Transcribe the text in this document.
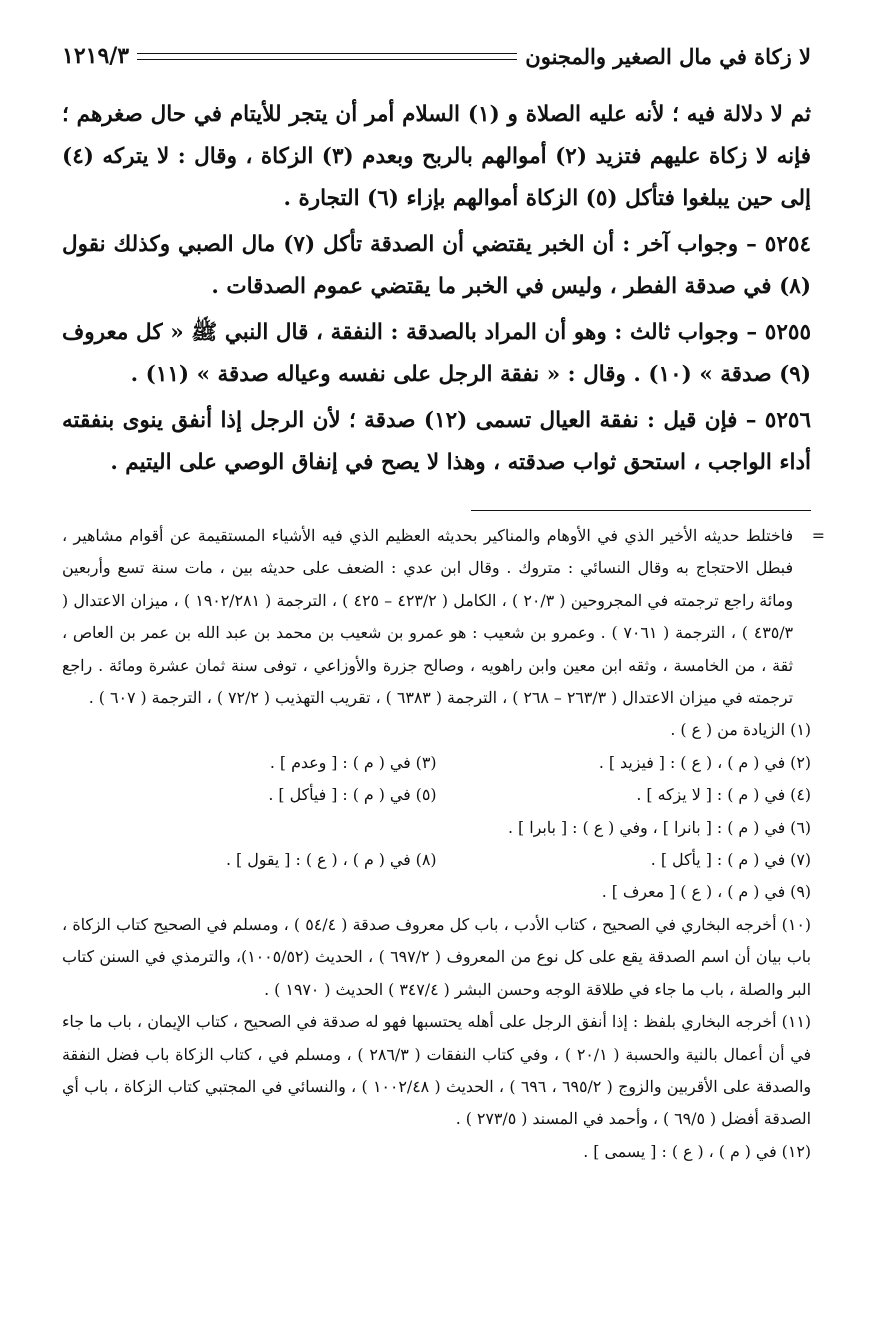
لا زكاة في مال الصغير والمجنون
١٢١٩/٣

ثم لا دلالة فيه ؛ لأنه عليه الصلاة و (١) السلام أمر أن يتجر للأيتام في حال صغرهم ؛ فإنه لا زكاة عليهم فتزيد (٢) أموالهم بالربح وبعدم (٣) الزكاة ، وقال : لا يتركه (٤) إلى حين يبلغوا فتأكل (٥) الزكاة أموالهم بإزاء (٦) التجارة .

٥٢٥٤ – وجواب آخر : أن الخبر يقتضي أن الصدقة تأكل (٧) مال الصبي وكذلك نقول (٨) في صدقة الفطر ، وليس في الخبر ما يقتضي عموم الصدقات .

٥٢٥٥ – وجواب ثالث : وهو أن المراد بالصدقة : النفقة ، قال النبي ﷺ « كل معروف (٩) صدقة » (١٠) . وقال : « نفقة الرجل على نفسه وعياله صدقة » (١١) .

٥٢٥٦ – فإن قيل : نفقة العيال تسمى (١٢) صدقة ؛ لأن الرجل إذا أنفق ينوى بنفقته أداء الواجب ، استحق ثواب صدقته ، وهذا لا يصح في إنفاق الوصي على اليتيم .

=
فاختلط حديثه الأخير الذي في الأوهام والمناكير بحديثه العظيم الذي فيه الأشياء المستقيمة عن أقوام مشاهير ، فبطل الاحتجاج به وقال النسائي : متروك . وقال ابن عدي : الضعف على حديثه بين ، مات سنة تسع وأربعين ومائة راجع ترجمته في المجروحين ( ٢٠/٣ ) ، الكامل ( ٤٢٣/٢ – ٤٢٥ ) ، الترجمة ( ١٩٠٢/٢٨١ ) ، ميزان الاعتدال ( ٤٣٥/٣ ) ، الترجمة ( ٧٠٦١ ) . وعمرو بن شعيب : هو عمرو بن شعيب بن محمد بن عبد الله بن عمر بن العاص ، ثقة ، من الخامسة ، وثقه ابن معين وابن راهويه ، وصالح جزرة والأوزاعي ، توفى سنة ثمان عشرة ومائة . راجع ترجمته في ميزان الاعتدال ( ٢٦٣/٣ – ٢٦٨ ) ، الترجمة ( ٦٣٨٣ ) ، تقريب التهذيب ( ٧٢/٢ ) ، الترجمة ( ٦٠٧ ) .

(١) الزيادة من ( ع ) .
(٢) في ( م ) ، ( ع ) : [ فيزيد ] .
(٣) في ( م ) : [ وعدم ] .
(٤) في ( م ) : [ لا يزكه ] .
(٥) في ( م ) : [ فيأكل ] .
(٦) في ( م ) : [ بانرا ] ، وفي ( ع ) : [ بابرا ] .
(٧) في ( م ) : [ يأكل ] .
(٨) في ( م ) ، ( ع ) : [ يقول ] .
(٩) في ( م ) ، ( ع ) [ معرف ] .

(١٠) أخرجه البخاري في الصحيح ، كتاب الأدب ، باب كل معروف صدقة ( ٥٤/٤ ) ، ومسلم في الصحيح كتاب الزكاة ، باب بيان أن اسم الصدقة يقع على كل نوع من المعروف ( ٦٩٧/٢ ) ، الحديث (١٠٠٥/٥٢)، والترمذي في السنن كتاب البر والصلة ، باب ما جاء في طلاقة الوجه وحسن البشر ( ٣٤٧/٤ ) الحديث ( ١٩٧٠ ) .

(١١) أخرجه البخاري بلفظ : إذا أنفق الرجل على أهله يحتسبها فهو له صدقة في الصحيح ، كتاب الإيمان ، باب ما جاء في أن أعمال بالنية والحسبة ( ٢٠/١ ) ، وفي كتاب النفقات ( ٢٨٦/٣ ) ، ومسلم في ، كتاب الزكاة باب فضل النفقة والصدقة على الأقربين والزوج ( ٦٩٥/٢ ، ٦٩٦ ) ، الحديث ( ١٠٠٢/٤٨ ) ، والنسائي في المجتبي كتاب الزكاة ، باب أي الصدقة أفضل ( ٦٩/٥ ) ، وأحمد في المسند ( ٢٧٣/٥ ) .

(١٢) في ( م ) ، ( ع ) : [ يسمى ] .
